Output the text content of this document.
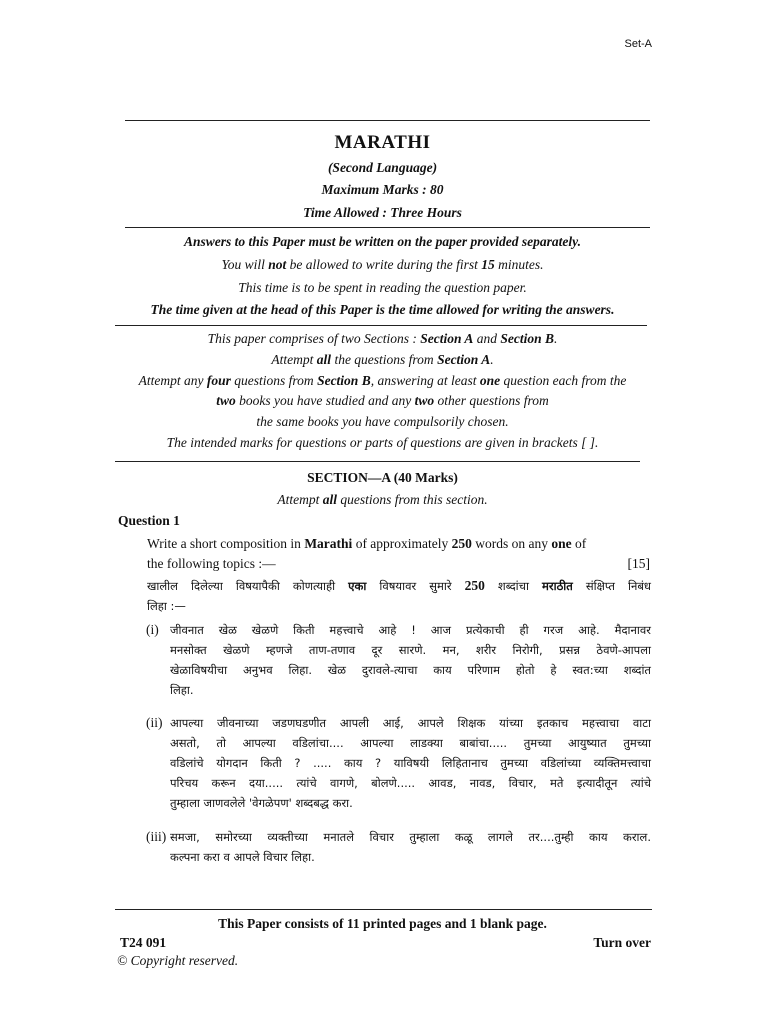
Set-A
MARATHI
(Second Language)
Maximum Marks : 80
Time Allowed : Three Hours
Answers to this Paper must be written on the paper provided separately.
You will not be allowed to write during the first 15 minutes.
This time is to be spent in reading the question paper.
The time given at the head of this Paper is the time allowed for writing the answers.
This paper comprises of two Sections : Section A and Section B.
Attempt all the questions from Section A.
Attempt any four questions from Section B, answering at least one question each from the
two books you have studied and any two other questions from
the same books you have compulsorily chosen.
The intended marks for questions or parts of questions are given in brackets [ ].
SECTION—A (40 Marks)
Attempt all questions from this section.
Question 1
Write a short composition in Marathi of approximately 250 words on any one of
the following topics :—	[15]
खालील दिलेल्या विषयापैकी कोणत्याही एका विषयावर सुमारे 250 शब्दांचा मराठीत संक्षिप्त निबंध
लिहा :—
(i) जीवनात खेळ खेळणे किती महत्त्वाचे आहे ! आज प्रत्येकाची ही गरज आहे. मैदानावर
मनसोक्त खेळणे म्हणजे ताण-तणाव दूर सारणे. मन, शरीर निरोगी, प्रसन्न ठेवणे-आपला
खेळाविषयीचा अनुभव लिहा. खेळ दुरावले-त्याचा काय परिणाम होतो हे स्वत:च्या शब्दांत
लिहा.
(ii) आपल्या जीवनाच्या जडणघडणीत आपली आई, आपले शिक्षक यांच्या इतकाच महत्त्वाचा वाटा
असतो, तो आपल्या वडिलांचा.... आपल्या लाडक्या बाबांचा..... तुमच्या आयुष्यात तुमच्या
वडिलांचे योगदान किती ? ..... काय ? याविषयी लिहितानाच तुमच्या वडिलांच्या व्यक्तिमत्त्वाचा
परिचय करून दया..... त्यांचे वागणे, बोलणे..... आवड, नावड, विचार, मते इत्यादीतून त्यांचे
तुम्हाला जाणवलेले 'वेगळेपण' शब्दबद्ध करा.
(iii) समजा, समोरच्या व्यक्तीच्या मनातले विचार तुम्हाला कळू लागले तर....तुम्ही काय कराल.
कल्पना करा व आपले विचार लिहा.
This Paper consists of 11 printed pages and 1 blank page.
T24 091	Turn over
© Copyright reserved.
